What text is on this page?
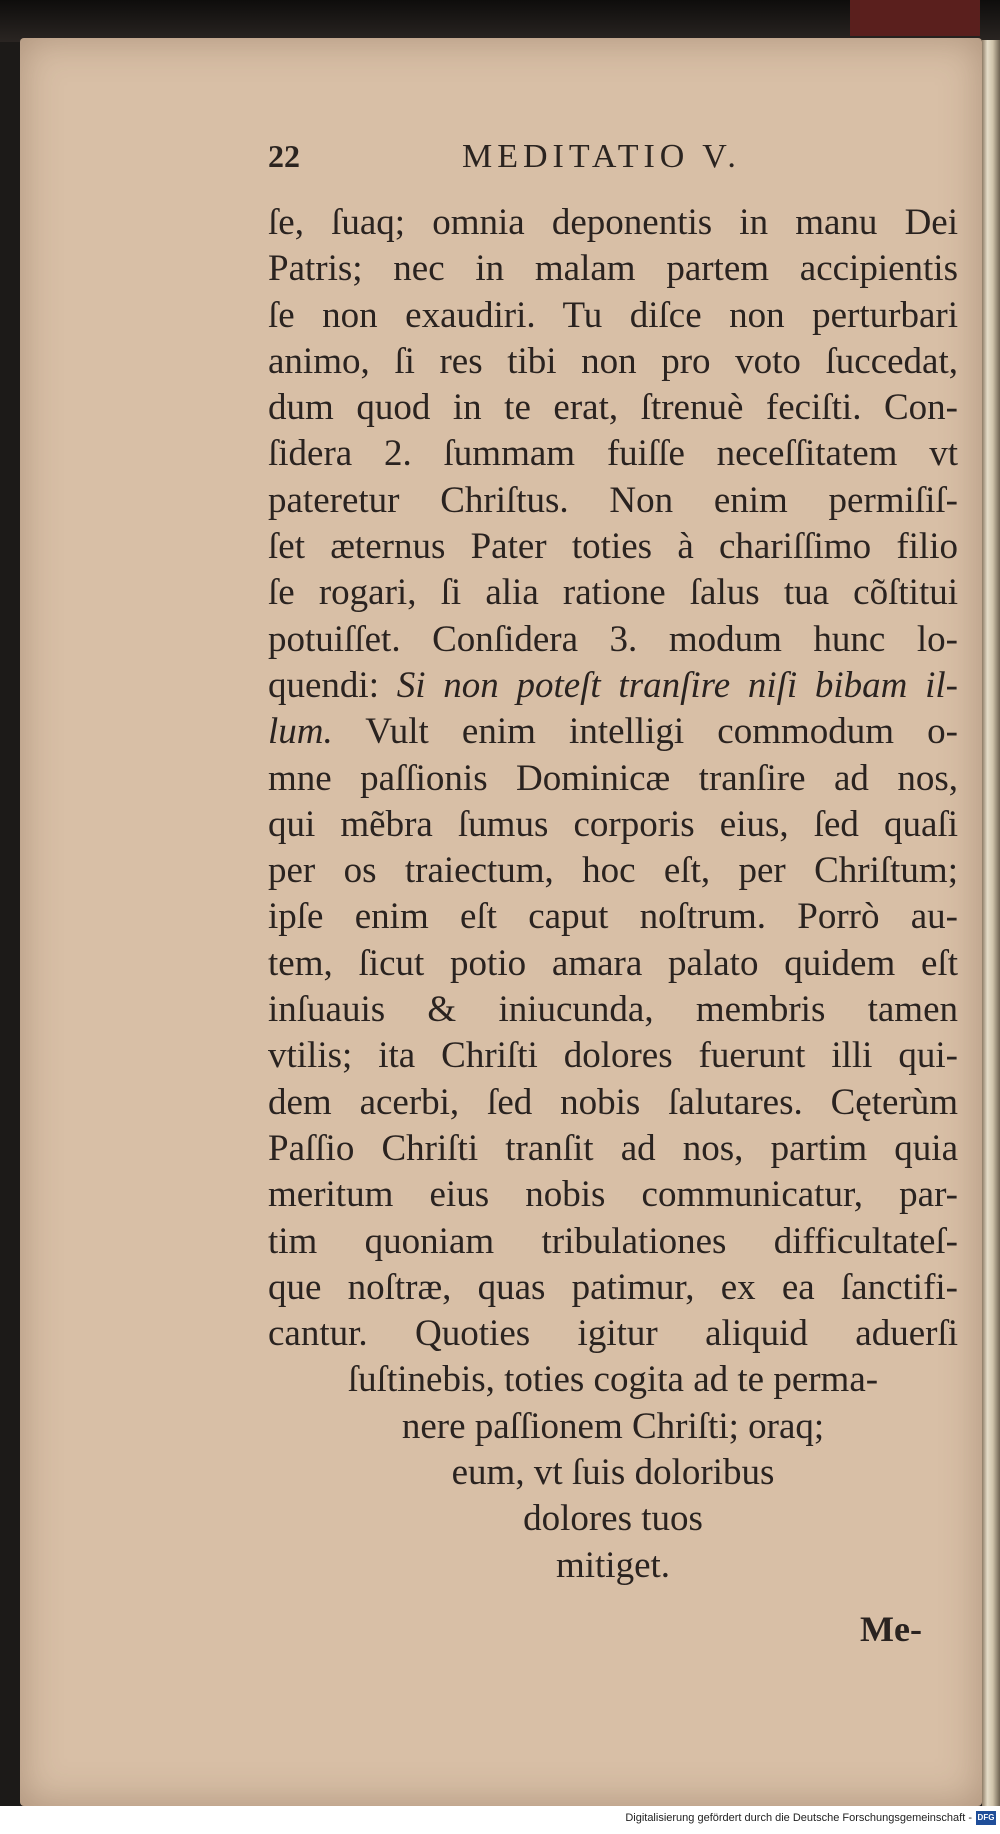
22	MEDITATIO V.
ſe, ſuaq; omnia deponentis in manu Dei
Patris; nec in malam partem accipientis
ſe non exaudiri. Tu diſce non perturbari
animo, ſi res tibi non pro voto ſuccedat,
dum quod in te erat, ſtrenuè feciſti. Con-
ſidera 2. ſummam fuiſſe neceſſitatem vt
pateretur Chriſtus. Non enim permiſiſ-
ſet æternus Pater toties à chariſſimo filio
ſe rogari, ſi alia ratione ſalus tua cõſtitui
potuiſſet. Conſidera 3. modum hunc lo-
quendi: Si non poteſt tranſire niſi bibam il-
lum. Vult enim intelligi commodum o-
mne paſſionis Dominicæ tranſire ad nos,
qui mẽbra ſumus corporis eius, ſed quaſi
per os traiectum, hoc eſt, per Chriſtum;
ipſe enim eſt caput noſtrum. Porrò au-
tem, ſicut potio amara palato quidem eſt
inſuauis & iniucunda, membris tamen
vtilis; ita Chriſti dolores fuerunt illi qui-
dem acerbi, ſed nobis ſalutares. Cęterùm
Paſſio Chriſti tranſit ad nos, partim quia
meritum eius nobis communicatur, par-
tim quoniam tribulationes difficultateſ-
que noſtræ, quas patimur, ex ea ſanctifi-
cantur. Quoties igitur aliquid aduerſi
ſuſtinebis, toties cogita ad te perma-
nere paſſionem Chriſti; oraq;
eum, vt ſuis doloribus
dolores tuos
mitiget.
Me-
Digitalisierung gefördert durch die Deutsche Forschungsgemeinschaft - DFG
